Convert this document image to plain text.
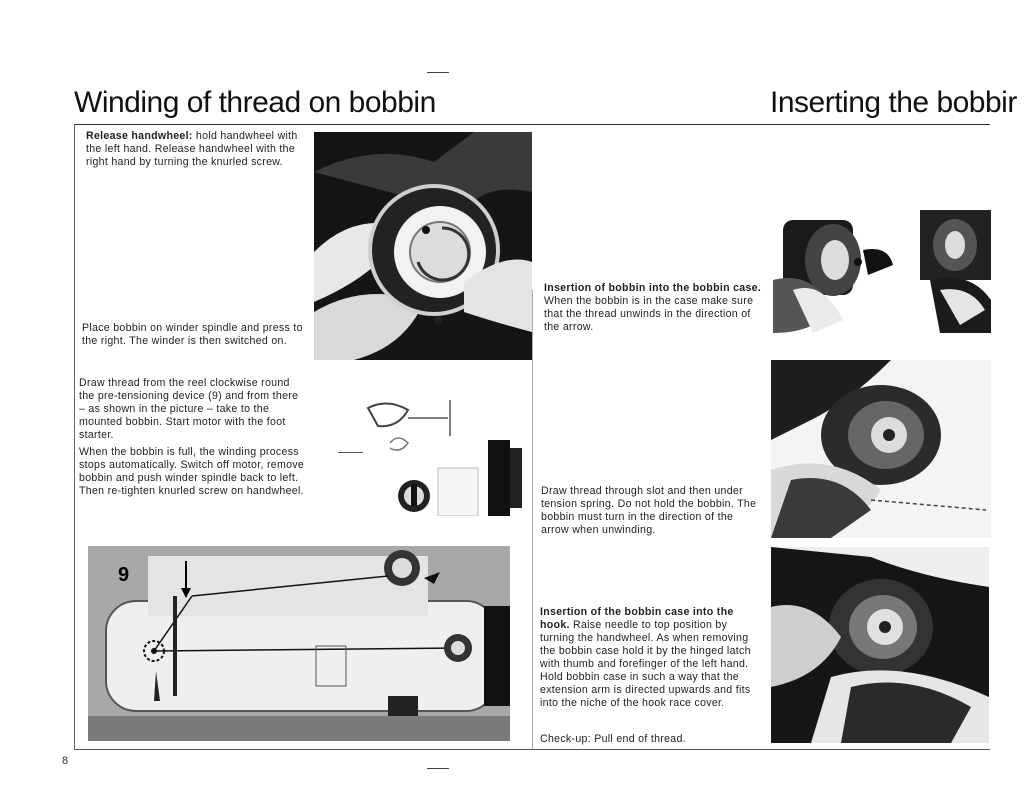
Winding of thread on bobbin	Inserting the bobbir
Release handwheel: hold handwheel with the left hand. Release handwheel with the right hand by turning the knurled screw.
Place bobbin on winder spindle and press to the right. The winder is then switched on.
Draw thread from the reel clockwise round the pre-tensioning device (9) and from there – as shown in the picture – take to the mounted bobbin. Start motor with the foot starter.
When the bobbin is full, the winding process stops automatically. Switch off motor, remove bobbin and push winder spindle back to left. Then re-tighten knurled screw on handwheel.
9
Insertion of bobbin into the bobbin case. When the bobbin is in the case make sure that the thread unwinds in the direction of the arrow.
Draw thread through slot and then under tension spring. Do not hold the bobbin. The bobbin must turn in the direction of the arrow when unwinding.
Insertion of the bobbin case into the hook. Raise needle to top position by turning the handwheel. As when removing the bobbin case hold it by the hinged latch with thumb and forefinger of the left hand. Hold bobbin case in such a way that the extension arm is directed upwards and fits into the niche of the hook race cover.
Check-up: Pull end of thread.
8
